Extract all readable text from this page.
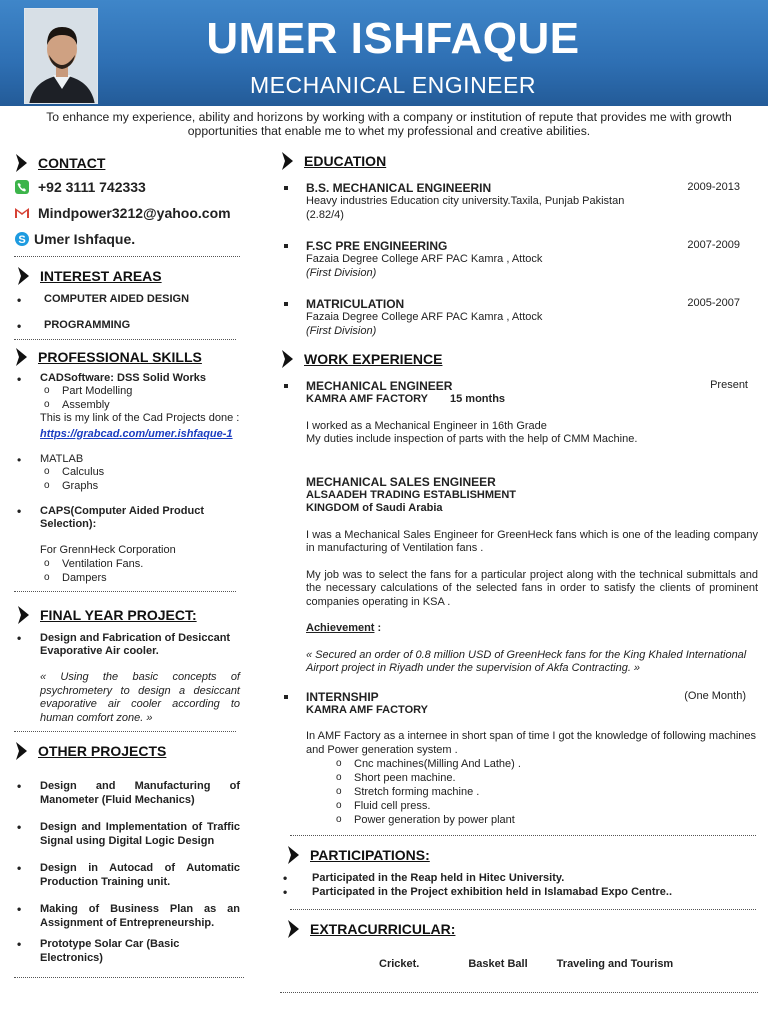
UMER ISHFAQUE
MECHANICAL ENGINEER
To enhance my experience, ability and horizons by working with a company or institution of repute that provides me with growth opportunities that enable me to whet my professional and creative abilities.
CONTACT
+92 3111 742333
Mindpower3212@yahoo.com
S Umer Ishfaque.
INTEREST AREAS
• COMPUTER AIDED DESIGN
• PROGRAMMING
PROFESSIONAL SKILLS
• CADSoftware: DSS Solid Works
o Part Modelling
o Assembly
This is my link of the Cad Projects done :
https://grabcad.com/umer.ishfaque-1
• MATLAB
o Calculus
o Graphs
• CAPS(Computer Aided Product Selection):
For GrennHeck Corporation
o Ventilation Fans.
o Dampers
FINAL YEAR PROJECT:
• Design and Fabrication of Desiccant Evaporative Air cooler.
« Using the basic concepts of psychrometery to design a desiccant evaporative air cooler according to human comfort zone. »
OTHER PROJECTS
• Design and Manufacturing of Manometer (Fluid Mechanics)
• Design and Implementation of Traffic Signal using Digital Logic Design
• Design in Autocad of Automatic Production Training unit.
• Making of Business Plan as an Assignment of Entrepreneurship.
• Prototype Solar Car (Basic Electronics)
EDUCATION
B.S. MECHANICAL ENGINEERIN	2009-2013
Heavy industries Education city university.Taxila, Punjab Pakistan
(2.82/4)
F.SC PRE ENGINEERING	2007-2009
Fazaia Degree College ARF PAC Kamra , Attock
(First Division)
MATRICULATION	2005-2007
Fazaia Degree College ARF PAC Kamra , Attock
(First Division)
WORK EXPERIENCE
MECHANICAL ENGINEER	Present
KAMRA AMF FACTORY 15 months
I worked as a Mechanical Engineer in 16th Grade
My duties include inspection of parts with the help of CMM Machine.
MECHANICAL SALES ENGINEER
ALSAADEH TRADING ESTABLISHMENT
KINGDOM of Saudi Arabia
I was a Mechanical Sales Engineer for GreenHeck fans which is one of the leading company in manufacturing of Ventilation fans .
My job was to select the fans for a particular project along with the technical submittals and the necessary calculations of the selected fans in order to satisfy the clients of prominent companies operating in KSA .
Achievement :
« Secured an order of 0.8 million USD of GreenHeck fans for the King Khaled International Airport project in Riyadh under the supervision of Akfa Contracting. »
INTERNSHIP	(One Month)
KAMRA AMF FACTORY
In AMF Factory as a internee in short span of time I got the knowledge of following machines and Power generation system .
o Cnc machines(Milling And Lathe) .
o Short peen machine.
o Stretch forming machine .
o Fluid cell press.
o Power generation by power plant
PARTICIPATIONS:
• Participated in the Reap held in Hitec University.
• Participated in the Project exhibition held in Islamabad Expo Centre..
EXTRACURRICULAR:
Cricket.	Basket Ball	Traveling and Tourism
